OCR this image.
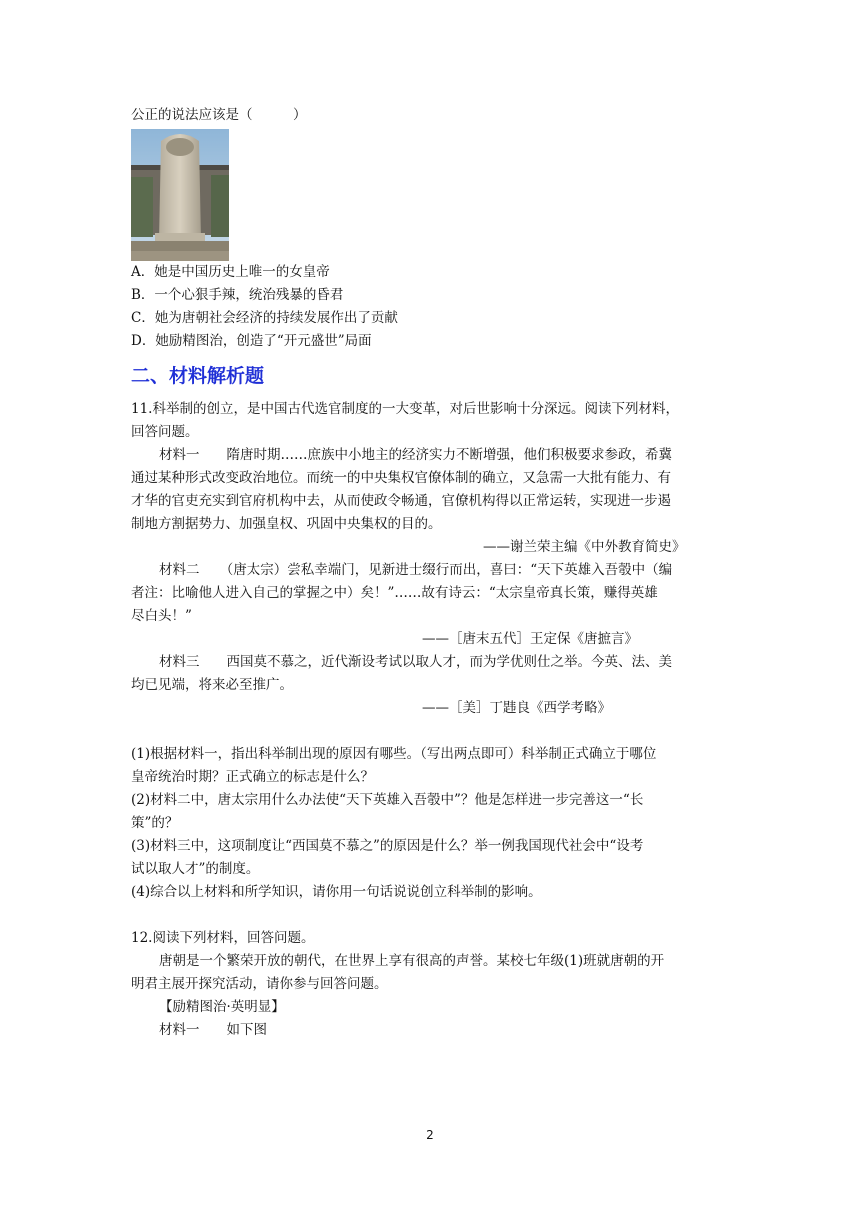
公正的说法应该是（　　　）
A．她是中国历史上唯一的女皇帝
B．一个心狠手辣，统治残暴的昏君
C．她为唐朝社会经济的持续发展作出了贡献
D．她励精图治，创造了“开元盛世”局面
二、材料解析题
11.科举制的创立，是中国古代选官制度的一大变革，对后世影响十分深远。阅读下列材料，
回答问题。
材料一　　隋唐时期……庶族中小地主的经济实力不断增强，他们积极要求参政，希冀
通过某种形式改变政治地位。而统一的中央集权官僚体制的确立，又急需一大批有能力、有
才华的官吏充实到官府机构中去，从而使政令畅通，官僚机构得以正常运转，实现进一步遏
制地方割据势力、加强皇权、巩固中央集权的目的。
——谢兰荣主编《中外教育简史》
材料二　　（唐太宗）尝私幸端门，见新进士缀行而出，喜曰：“天下英雄入吾彀中（编
者注：比喻他人进入自己的掌握之中）矣！”……故有诗云：“太宗皇帝真长策，赚得英雄
尽白头！”
——［唐末五代］王定保《唐摭言》
材料三　　西国莫不慕之，近代渐设考试以取人才，而为学优则仕之举。今英、法、美
均已见端，将来必至推广。
——［美］丁韪良《西学考略》
(1)根据材料一，指出科举制出现的原因有哪些。（写出两点即可）科举制正式确立于哪位
皇帝统治时期？正式确立的标志是什么？
(2)材料二中，唐太宗用什么办法使“天下英雄入吾彀中”？他是怎样进一步完善这一“长
策”的？
(3)材料三中，这项制度让“西国莫不慕之”的原因是什么？举一例我国现代社会中“设考
试以取人才”的制度。
(4)综合以上材料和所学知识，请你用一句话说说创立科举制的影响。
12.阅读下列材料，回答问题。
唐朝是一个繁荣开放的朝代，在世界上享有很高的声誉。某校七年级(1)班就唐朝的开
明君主展开探究活动，请你参与回答问题。
【励精图治·英明显】
材料一　　如下图
2
